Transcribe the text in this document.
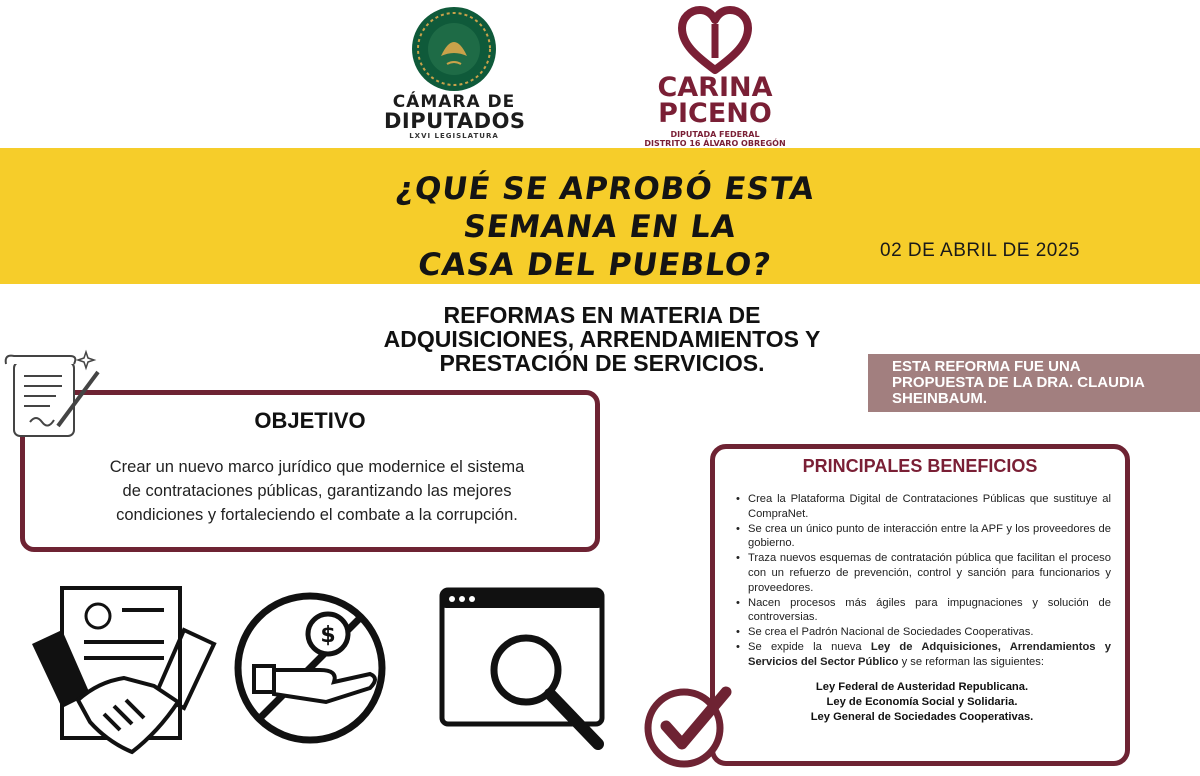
CÁMARA DE
DIPUTADOS
LXVI LEGISLATURA
CARINA
PICENO
DIPUTADA FEDERAL
DISTRITO 16 ÁLVARO OBREGÓN
¿QUÉ SE APROBÓ ESTA SEMANA EN LA
CASA DEL PUEBLO?	02 DE ABRIL DE 2025
REFORMAS EN MATERIA DE
ADQUISICIONES, ARRENDAMIENTOS Y
PRESTACIÓN DE SERVICIOS.	ESTA REFORMA FUE UNA
PROPUESTA DE LA DRA. CLAUDIA
SHEINBAUM.
OBJETIVO
Crear un nuevo marco jurídico que modernice el sistema
de contrataciones públicas, garantizando las mejores
condiciones y fortaleciendo el combate a la corrupción.
$
PRINCIPALES BENEFICIOS
• Crea la Plataforma Digital de Contrataciones Públicas que sustituye al CompraNet.
• Se crea un único punto de interacción entre la APF y los proveedores de gobierno.
• Traza nuevos esquemas de contratación pública que facilitan el proceso con un refuerzo de prevención, control y sanción para funcionarios y proveedores.
• Nacen procesos más ágiles para impugnaciones y solución de controversias.
• Se crea el Padrón Nacional de Sociedades Cooperativas.
• Se expide la nueva Ley de Adquisiciones, Arrendamientos y Servicios del Sector Público y se reforman las siguientes:
Ley Federal de Austeridad Republicana.
Ley de Economía Social y Solidaria.
Ley General de Sociedades Cooperativas.
